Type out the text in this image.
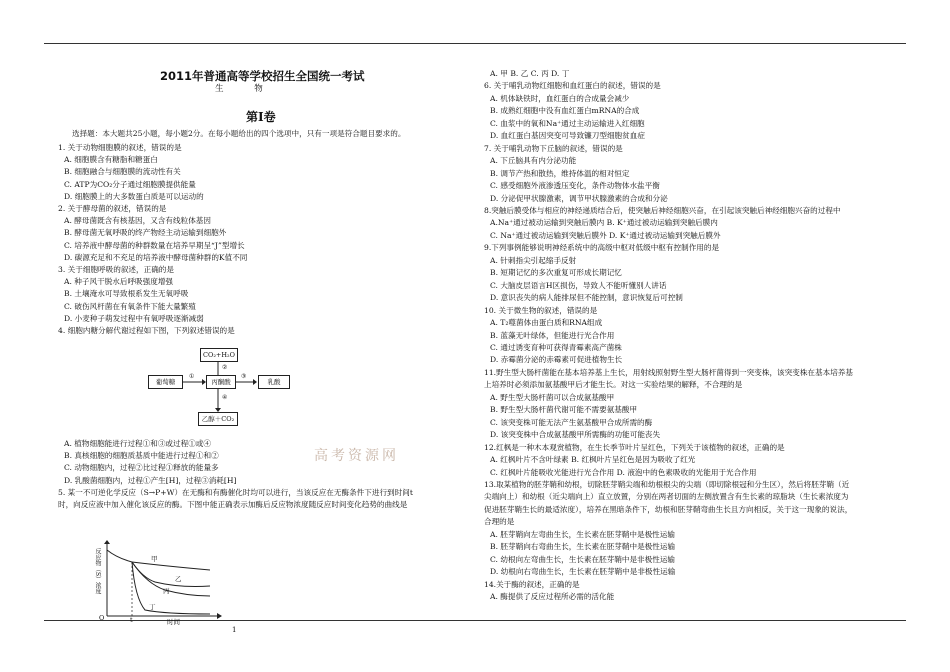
2011年普通高等学校招生全国统一考试
生 物
第Ⅰ卷
选择题：本大题共25小题，每小题2分。在每小题给出的四个选项中，只有一项是符合题目要求的。
1. 关于动物细胞膜的叙述，错误的是
A. 细胞膜含有糖脂和糖蛋白
B. 细胞融合与细胞膜的流动性有关
C. ATP为CO₂分子通过细胞膜提供能量
D. 细胞膜上的大多数蛋白质是可以运动的
2. 关于酵母菌的叙述，错误的是
A. 酵母菌既含有核基因，又含有线粒体基因
B. 酵母菌无氧呼吸的终产物经主动运输到细胞外
C. 培养液中酵母菌的种群数量在培养早期呈“J”型增长
D. 碳源充足和不充足的培养液中酵母菌种群的K值不同
3. 关于细胞呼吸的叙述，正确的是
A. 种子风干脱水后呼吸强度增强
B. 土壤淹水可导致根系发生无氧呼吸
C. 破伤风杆菌在有氧条件下能大量繁殖
D. 小麦种子萌发过程中有氧呼吸逐渐减弱
4. 细胞内糖分解代谢过程如下图，下列叙述错误的是
CO₂+H₂O
葡萄糖	丙酮酸	乳酸
乙醇＋CO₂
①
②
③
④
A. 植物细胞能进行过程①和③或过程①或④
B. 真核细胞的细胞质基质中能进行过程①和②
C. 动物细胞内，过程②比过程①释放的能量多
D. 乳酸菌细胞内，过程①产生[H]，过程③消耗[H]
5. 某一不可逆化学反应（S→P+W）在无酶和有酶催化时均可以进行，当该反应在无酶条件下进行到时间t
时，向反应液中加入催化该反应的酶。下图中能正确表示加酶后反应物浓度随反应时间变化趋势的曲线是
高考资源网
甲
乙
丙
丁
O	t	时间
反应物（S）浓度
1
A. 甲 B. 乙 C. 丙 D. 丁
6. 关于哺乳动物红细胞和血红蛋白的叙述，错误的是
A. 机体缺铁时，血红蛋白的合成量会减少
B. 成熟红细胞中没有血红蛋白mRNA的合成
C. 血浆中的氧和Na⁺通过主动运输进入红细胞
D. 血红蛋白基因突变可导致镰刀型细胞贫血症
7. 关于哺乳动物下丘脑的叙述，错误的是
A. 下丘脑具有内分泌功能
B. 调节产热和散热，维持体温的相对恒定
C. 感受细胞外液渗透压变化，条件动物体水盐平衡
D. 分泌促甲状腺激素，调节甲状腺激素的合成和分泌
8.突触后膜受体与相应的神经递质结合后，使突触后神经细胞兴奋，在引起该突触后神经细胞兴奋的过程中
A.Na⁺通过被动运输到突触后膜内 B. K⁺通过被动运输到突触后膜内
C. Na⁺通过被动运输到突触后膜外 D. K⁺通过被动运输到突触后膜外
9.下列事例能够说明神经系统中的高级中枢对低级中枢有控制作用的是
A. 针刺指尖引起缩手反射
B. 短期记忆的多次重复可形成长期记忆
C. 大脑皮层语言H区损伤，导致人不能听懂别人讲话
D. 意识丧失的病人能排尿但不能控制，意识恢复后可控制
10. 关于微生物的叙述，错误的是
A. T₂噬菌体由蛋白质和RNA组成
B. 蓝藻无叶绿体，但能进行光合作用
C. 通过诱变育种可获得青霉素高产菌株
D. 赤霉菌分泌的赤霉素可促进植物生长
11.野生型大肠杆菌能在基本培养基上生长，用射线照射野生型大肠杆菌得到一突变株，该突变株在基本培养基
上培养时必须添加氨基酸甲后才能生长。对这一实验结果的解释，不合理的是
A. 野生型大肠杆菌可以合成氨基酸甲
B. 野生型大肠杆菌代谢可能不需要氨基酸甲
C. 该突变株可能无法产生氨基酸甲合成所需的酶
D. 该突变株中合成氨基酸甲所需酶的功能可能丧失
12.红枫是一种木本观赏植物，在生长季节叶片呈红色，下列关于该植物的叙述，正确的是
A. 红枫叶片不含叶绿素 B. 红枫叶片呈红色是因为吸收了红光
C. 红枫叶片能吸收光能进行光合作用 D. 液泡中的色素吸收的光能用于光合作用
13.取某植物的胚芽鞘和幼根，切除胚芽鞘尖端和幼根根尖的尖端（即切除根冠和分生区），然后将胚芽鞘（近
尖端向上）和幼根（近尖端向上）直立放置，分别在两者切面的左侧放置含有生长素的琼脂块（生长素浓度为
促进胚芽鞘生长的最适浓度），培养在黑暗条件下，幼根和胚芽鞘弯曲生长且方向相反，关于这一现象的说法，
合理的是
A. 胚芽鞘向左弯曲生长，生长素在胚芽鞘中是极性运输
B. 胚芽鞘向右弯曲生长，生长素在胚芽鞘中是极性运输
C. 幼根向左弯曲生长，生长素在胚芽鞘中是非极性运输
D. 幼根向右弯曲生长，生长素在胚芽鞘中是非极性运输
14.关于酶的叙述，正确的是
A. 酶提供了反应过程所必需的活化能
